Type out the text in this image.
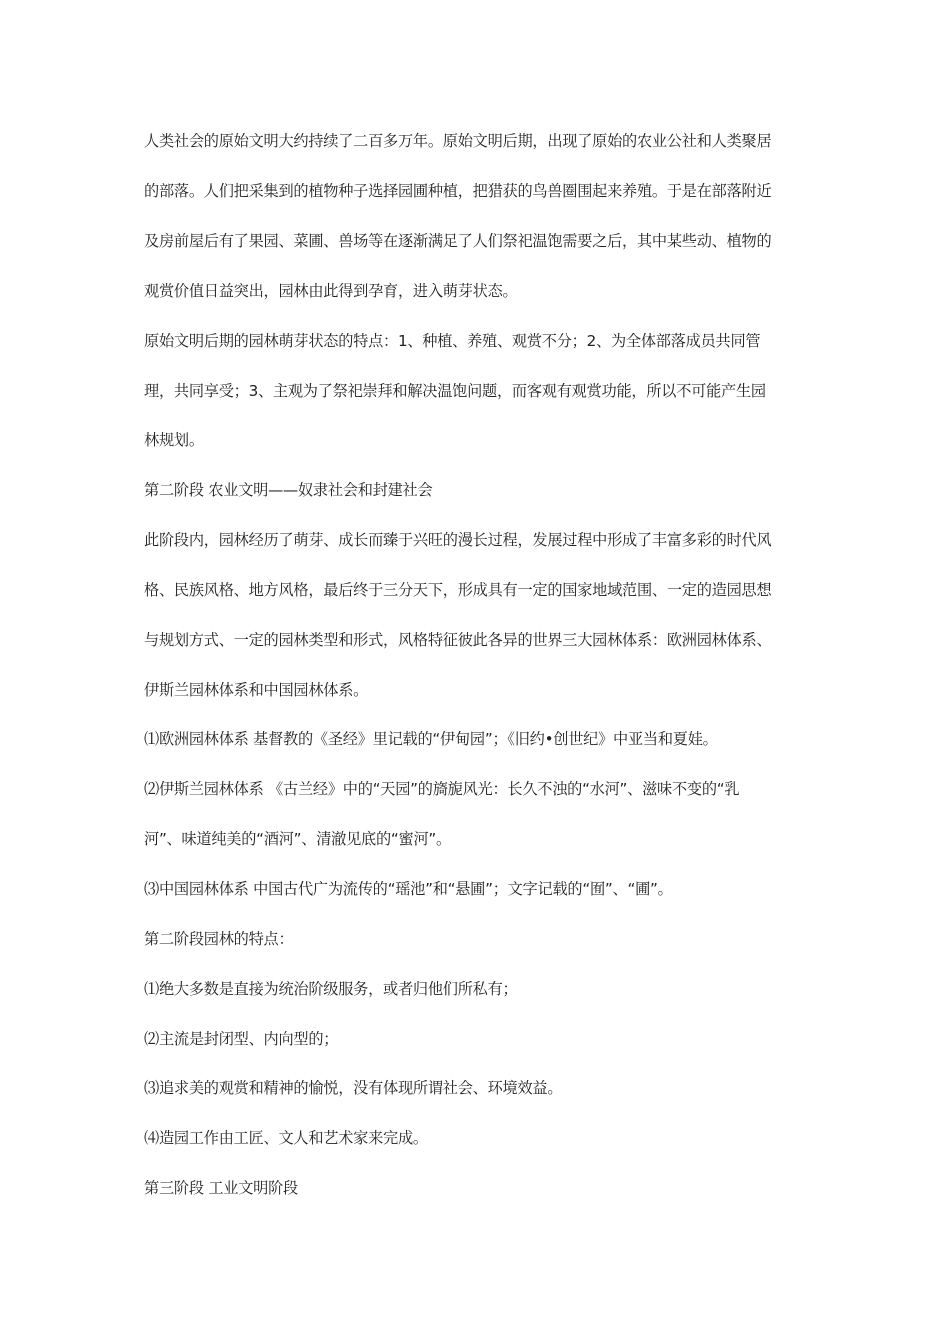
人类社会的原始文明大约持续了二百多万年。原始文明后期，出现了原始的农业公社和人类聚居
的部落。人们把采集到的植物种子选择园圃种植，把猎获的鸟兽圈围起来养殖。于是在部落附近
及房前屋后有了果园、菜圃、兽场等在逐渐满足了人们祭祀温饱需要之后，其中某些动、植物的
观赏价值日益突出，园林由此得到孕育，进入萌芽状态。
原始文明后期的园林萌芽状态的特点：1、种植、养殖、观赏不分；2、为全体部落成员共同管
理，共同享受；3、主观为了祭祀崇拜和解决温饱问题，而客观有观赏功能，所以不可能产生园
林规划。
第二阶段 农业文明——奴隶社会和封建社会
此阶段内，园林经历了萌芽、成长而臻于兴旺的漫长过程，发展过程中形成了丰富多彩的时代风
格、民族风格、地方风格，最后终于三分天下，形成具有一定的国家地域范围、一定的造园思想
与规划方式、一定的园林类型和形式，风格特征彼此各异的世界三大园林体系：欧洲园林体系、
伊斯兰园林体系和中国园林体系。
⑴欧洲园林体系 基督教的《圣经》里记载的“伊甸园”；《旧约•创世纪》中亚当和夏娃。
⑵伊斯兰园林体系 《古兰经》中的“天园”的旖旎风光：长久不浊的“水河”、滋味不变的“乳
河”、味道纯美的“酒河”、清澈见底的“蜜河”。
⑶中国园林体系 中国古代广为流传的“瑶池”和“悬圃”；文字记载的“囿”、“圃”。
第二阶段园林的特点：
⑴绝大多数是直接为统治阶级服务，或者归他们所私有；
⑵主流是封闭型、内向型的；
⑶追求美的观赏和精神的愉悦，没有体现所谓社会、环境效益。
⑷造园工作由工匠、文人和艺术家来完成。
第三阶段 工业文明阶段
